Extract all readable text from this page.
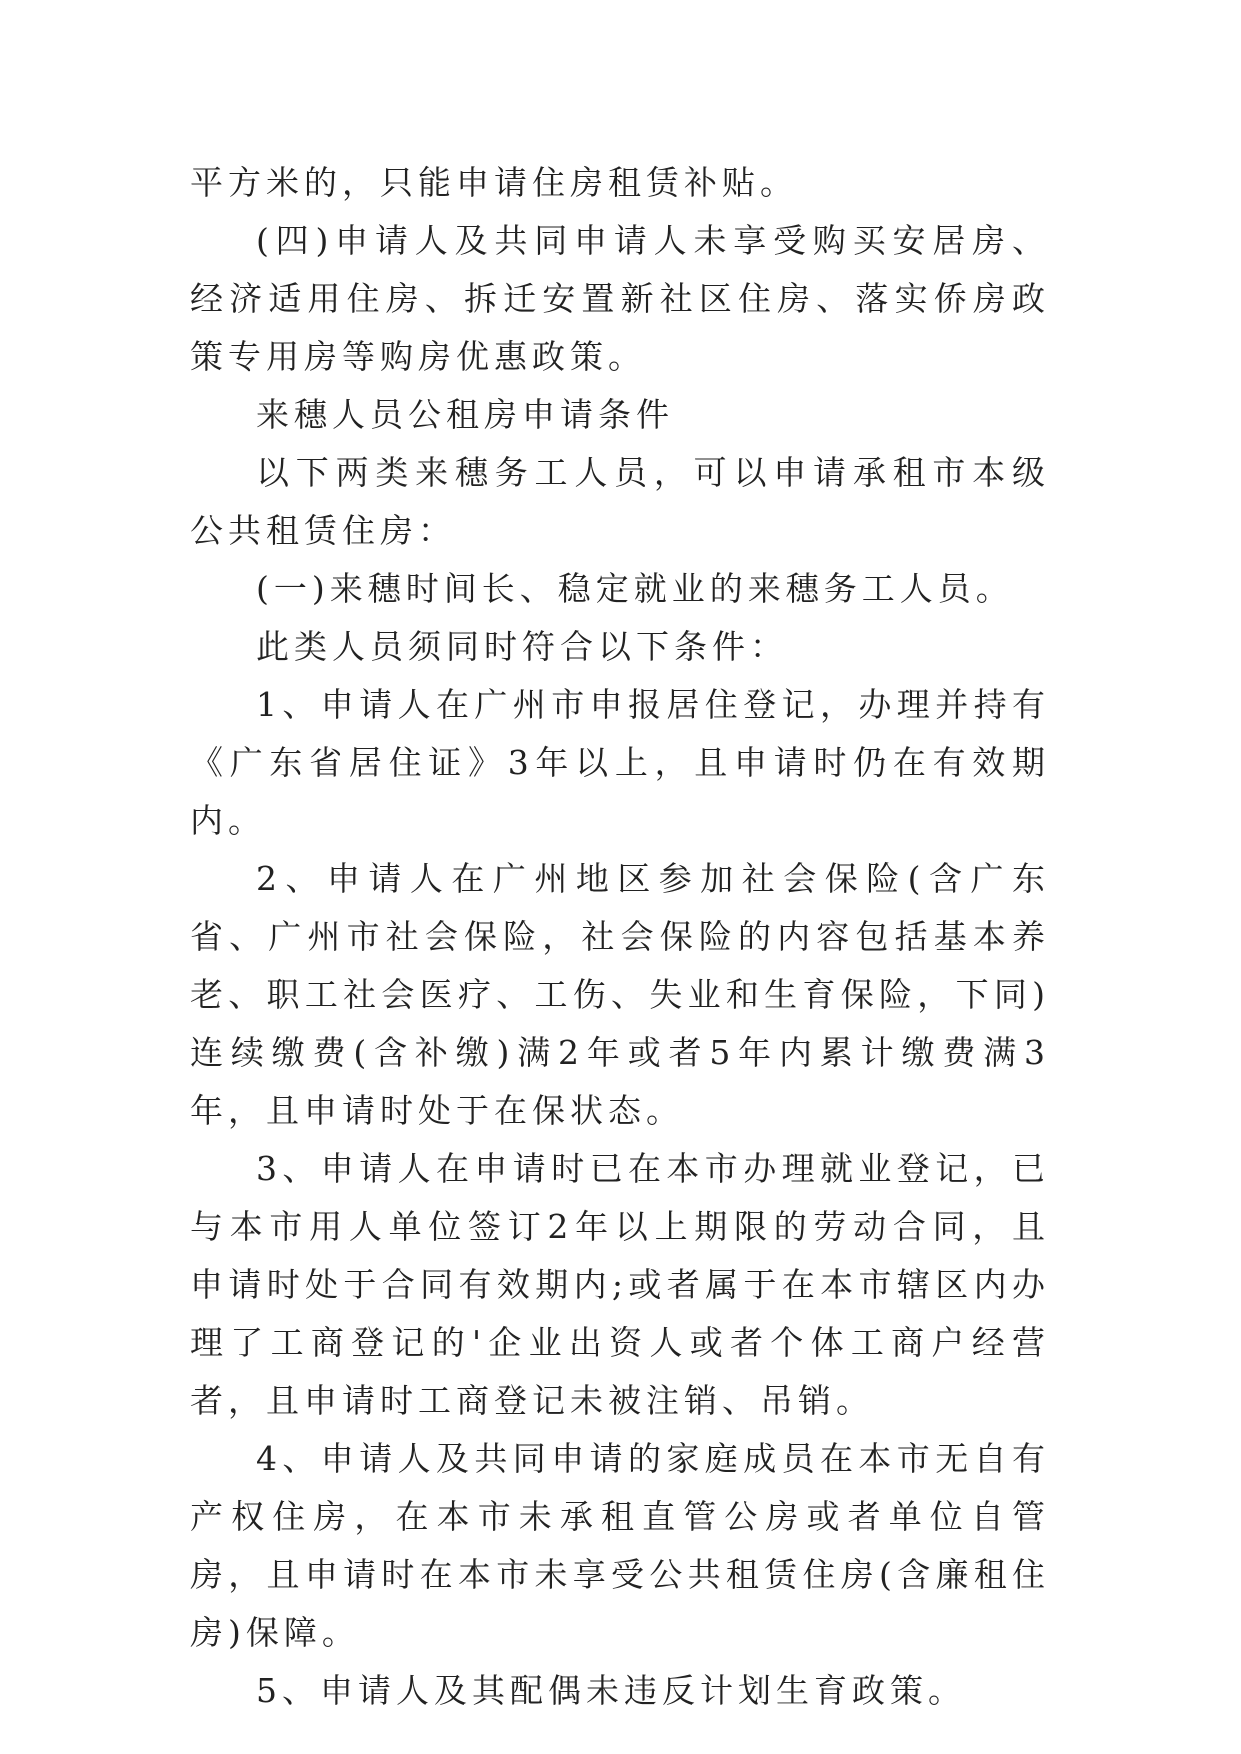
平方米的，只能申请住房租赁补贴。

(四)申请人及共同申请人未享受购买安居房、经济适用住房、拆迁安置新社区住房、落实侨房政策专用房等购房优惠政策。

来穗人员公租房申请条件

以下两类来穗务工人员，可以申请承租市本级公共租赁住房：

(一)来穗时间长、稳定就业的来穗务工人员。

此类人员须同时符合以下条件：

1、申请人在广州市申报居住登记，办理并持有《广东省居住证》3年以上，且申请时仍在有效期内。

2、申请人在广州地区参加社会保险(含广东省、广州市社会保险，社会保险的内容包括基本养老、职工社会医疗、工伤、失业和生育保险，下同)连续缴费(含补缴)满2年或者5年内累计缴费满3年，且申请时处于在保状态。

3、申请人在申请时已在本市办理就业登记，已与本市用人单位签订2年以上期限的劳动合同，且申请时处于合同有效期内;或者属于在本市辖区内办理了工商登记的'企业出资人或者个体工商户经营者，且申请时工商登记未被注销、吊销。

4、申请人及共同申请的家庭成员在本市无自有产权住房，在本市未承租直管公房或者单位自管房，且申请时在本市未享受公共租赁住房(含廉租住房)保障。

5、申请人及其配偶未违反计划生育政策。
